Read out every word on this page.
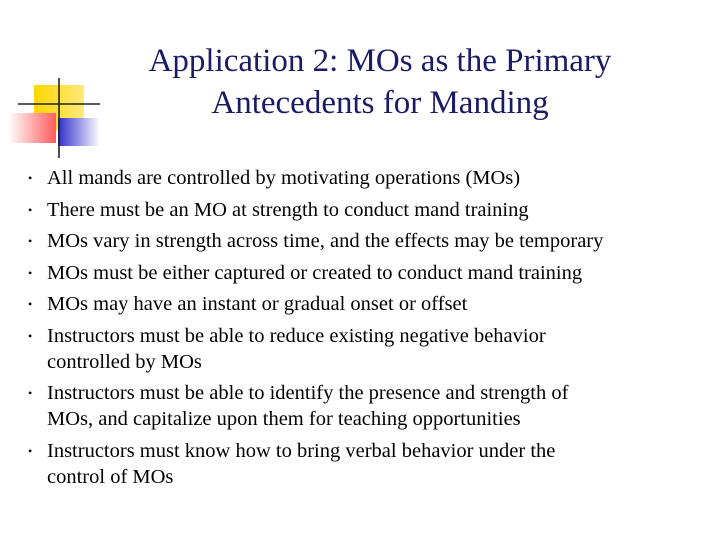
Application 2: MOs as the Primary
Antecedents for Manding
• All mands are controlled by motivating operations (MOs)
• There must be an MO at strength to conduct mand training
• MOs vary in strength across time, and the effects may be temporary
• MOs must be either captured or created to conduct mand training
• MOs may have an instant or gradual onset or offset
• Instructors must be able to reduce existing negative behavior
controlled by MOs
• Instructors must be able to identify the presence and strength of
MOs, and capitalize upon them for teaching opportunities
• Instructors must know how to bring verbal behavior under the
control of MOs
